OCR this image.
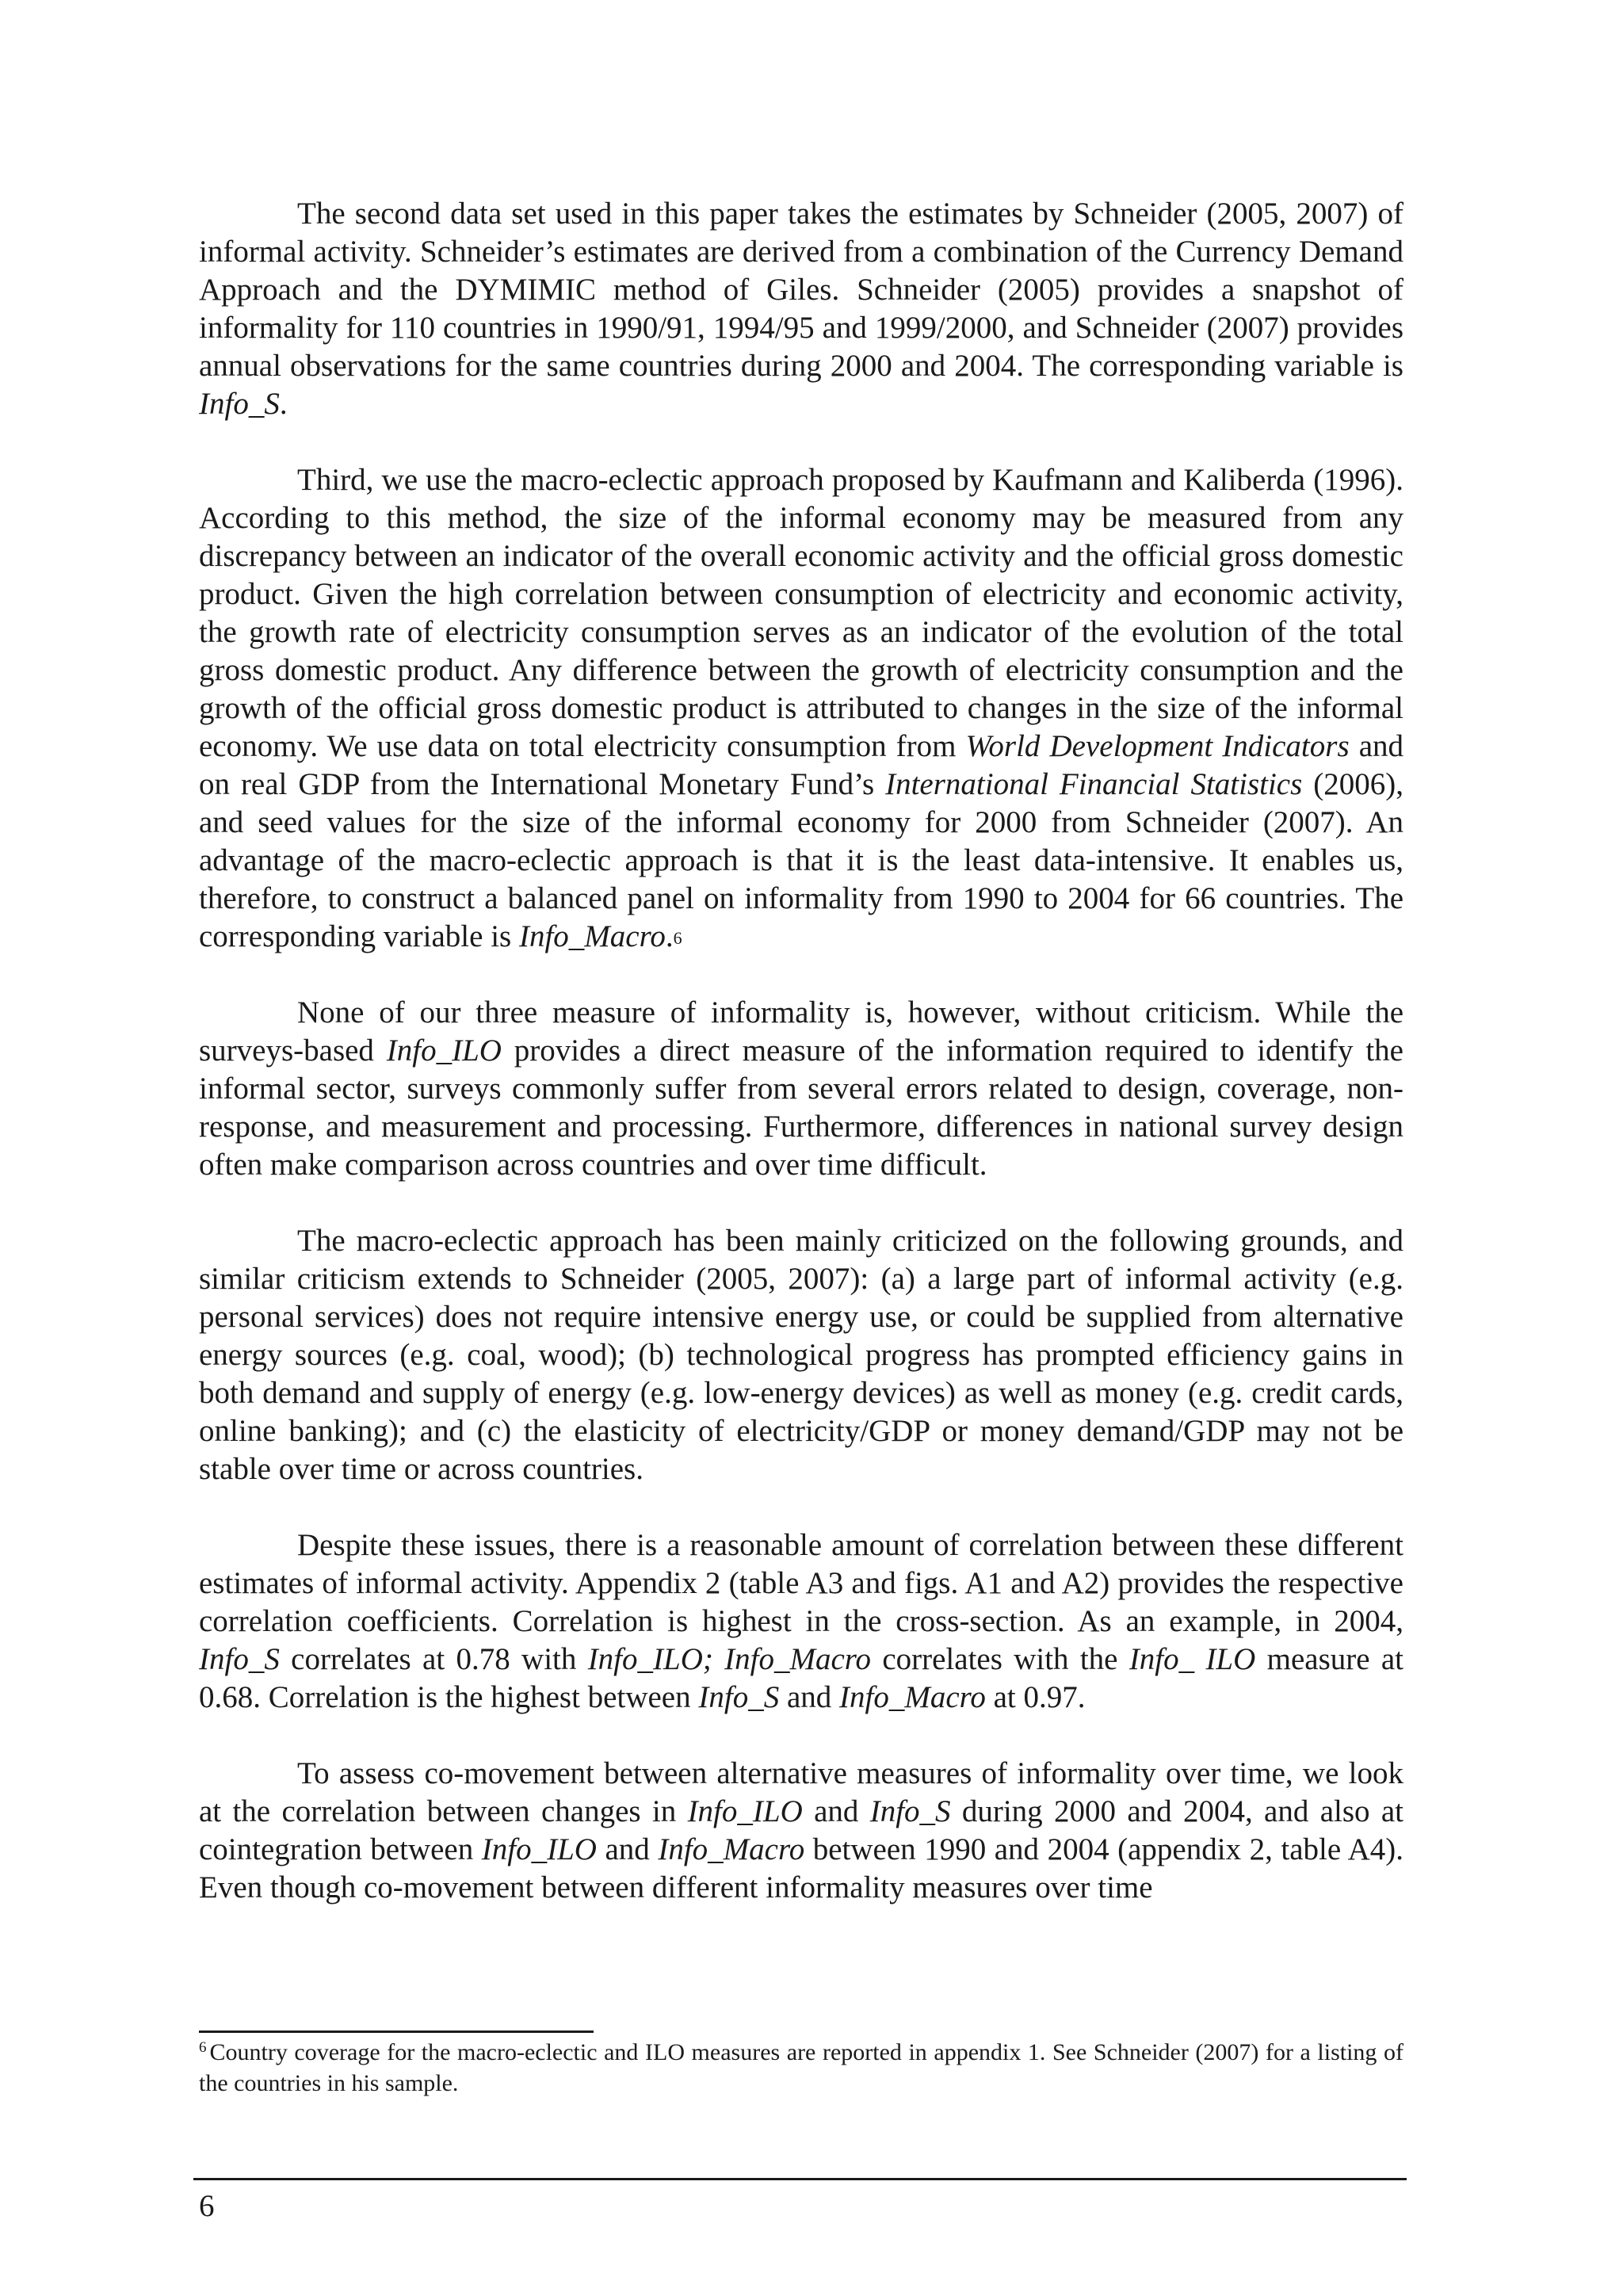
The second data set used in this paper takes the estimates by Schneider (2005, 2007) of informal activity. Schneider’s estimates are derived from a combination of the Currency Demand Approach and the DYMIMIC method of Giles. Schneider (2005) provides a snapshot of informality for 110 countries in 1990/91, 1994/95 and 1999/2000, and Schneider (2007) provides annual observations for the same countries during 2000 and 2004. The corresponding variable is Info_S.

Third, we use the macro-eclectic approach proposed by Kaufmann and Kaliberda (1996). According to this method, the size of the informal economy may be measured from any discrepancy between an indicator of the overall economic activity and the official gross domestic product. Given the high correlation between consumption of electricity and economic activity, the growth rate of electricity consumption serves as an indicator of the evolution of the total gross domestic product. Any difference between the growth of electricity consumption and the growth of the official gross domestic product is attributed to changes in the size of the informal economy. We use data on total electricity consumption from World Development Indicators and on real GDP from the International Monetary Fund’s International Financial Statistics (2006), and seed values for the size of the informal economy for 2000 from Schneider (2007). An advantage of the macro-eclectic approach is that it is the least data-intensive. It enables us, therefore, to construct a balanced panel on informality from 1990 to 2004 for 66 countries. The corresponding variable is Info_Macro.$^6$

None of our three measure of informality is, however, without criticism. While the surveys-based Info_ILO provides a direct measure of the information required to identify the informal sector, surveys commonly suffer from several errors related to design, coverage, non-response, and measurement and processing. Furthermore, differences in national survey design often make comparison across countries and over time difficult.

The macro-eclectic approach has been mainly criticized on the following grounds, and similar criticism extends to Schneider (2005, 2007): (a) a large part of informal activity (e.g. personal services) does not require intensive energy use, or could be supplied from alternative energy sources (e.g. coal, wood); (b) technological progress has prompted efficiency gains in both demand and supply of energy (e.g. low-energy devices) as well as money (e.g. credit cards, online banking); and (c) the elasticity of electricity/GDP or money demand/GDP may not be stable over time or across countries.

Despite these issues, there is a reasonable amount of correlation between these different estimates of informal activity. Appendix 2 (table A3 and figs. A1 and A2) provides the respective correlation coefficients. Correlation is highest in the cross-section. As an example, in 2004, Info_S correlates at 0.78 with Info_ILO; Info_Macro correlates with the Info_ ILO measure at 0.68. Correlation is the highest between Info_S and Info_Macro at 0.97.

To assess co-movement between alternative measures of informality over time, we look at the correlation between changes in Info_ILO and Info_S during 2000 and 2004, and also at cointegration between Info_ILO and Info_Macro between 1990 and 2004 (appendix 2, table A4). Even though co-movement between different informality measures over time

$^6$ Country coverage for the macro-eclectic and ILO measures are reported in appendix 1. See Schneider (2007) for a listing of the countries in his sample.
6
